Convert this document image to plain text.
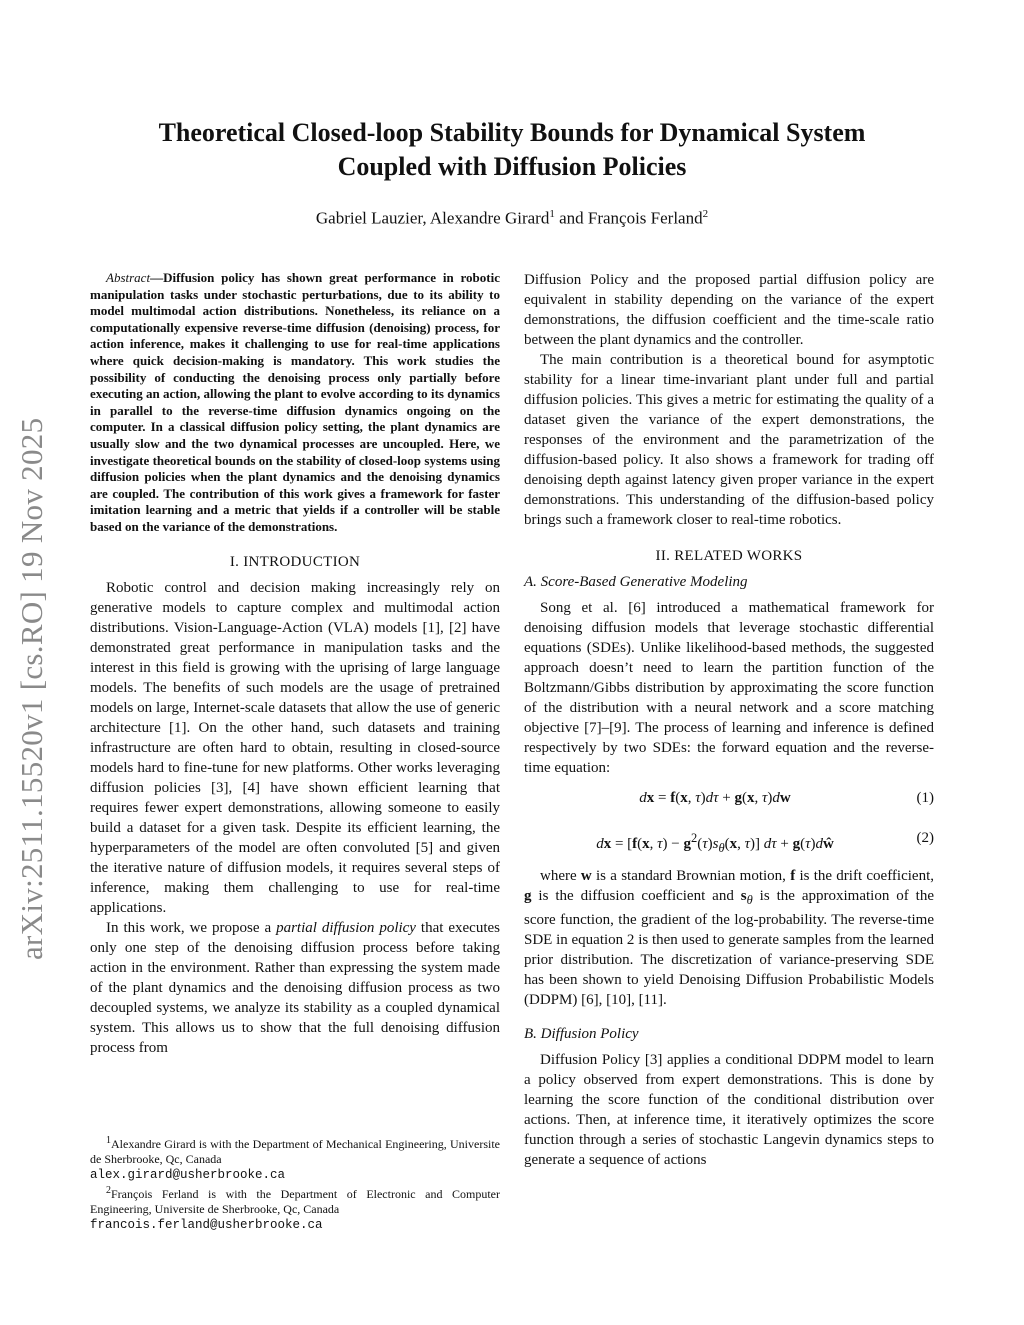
Theoretical Closed-loop Stability Bounds for Dynamical System
Coupled with Diffusion Policies
Gabriel Lauzier, Alexandre Girard$^1$ and François Ferland$^2$
arXiv:2511.15520v1 [cs.RO] 19 Nov 2025

Abstract—Diffusion policy has shown great performance in robotic manipulation tasks under stochastic perturbations, due to its ability to model multimodal action distributions. Nonetheless, its reliance on a computationally expensive reverse-time diffusion (denoising) process, for action inference, makes it challenging to use for real-time applications where quick decision-making is mandatory. This work studies the possibility of conducting the denoising process only partially before executing an action, allowing the plant to evolve according to its dynamics in parallel to the reverse-time diffusion dynamics ongoing on the computer. In a classical diffusion policy setting, the plant dynamics are usually slow and the two dynamical processes are uncoupled. Here, we investigate theoretical bounds on the stability of closed-loop systems using diffusion policies when the plant dynamics and the denoising dynamics are coupled. The contribution of this work gives a framework for faster imitation learning and a metric that yields if a controller will be stable based on the variance of the demonstrations.

I. INTRODUCTION

Robotic control and decision making increasingly rely on generative models to capture complex and multimodal action distributions. Vision-Language-Action (VLA) models [1], [2] have demonstrated great performance in manipulation tasks and the interest in this field is growing with the uprising of large language models. The benefits of such models are the usage of pretrained models on large, Internet-scale datasets that allow the use of generic architecture [1]. On the other hand, such datasets and training infrastructure are often hard to obtain, resulting in closed-source models hard to fine-tune for new platforms. Other works leveraging diffusion policies [3], [4] have shown efficient learning that requires fewer expert demonstrations, allowing someone to easily build a dataset for a given task. Despite its efficient learning, the hyperparameters of the model are often convoluted [5] and given the iterative nature of diffusion models, it requires several steps of inference, making them challenging to use for real-time applications.

In this work, we propose a partial diffusion policy that executes only one step of the denoising diffusion process before taking action in the environment. Rather than expressing the system made of the plant dynamics and the denoising diffusion process as two decoupled systems, we analyze its stability as a coupled dynamical system. This allows us to show that the full denoising diffusion process from

$^1$Alexandre Girard is with the Department of Mechanical Engineering, Universite de Sherbrooke, Qc, Canada
alex.girard@usherbrooke.ca

$^2$François Ferland is with the Department of Electronic and Computer Engineering, Universite de Sherbrooke, Qc, Canada
francois.ferland@usherbrooke.ca

Diffusion Policy and the proposed partial diffusion policy are equivalent in stability depending on the variance of the expert demonstrations, the diffusion coefficient and the time-scale ratio between the plant dynamics and the controller.

The main contribution is a theoretical bound for asymptotic stability for a linear time-invariant plant under full and partial diffusion policies. This gives a metric for estimating the quality of a dataset given the variance of the expert demonstrations, the responses of the environment and the parametrization of the diffusion-based policy. It also shows a framework for trading off denoising depth against latency given proper variance in the expert demonstrations. This understanding of the diffusion-based policy brings such a framework closer to real-time robotics.

II. RELATED WORKS
A. Score-Based Generative Modeling

Song et al. [6] introduced a mathematical framework for denoising diffusion models that leverage stochastic differential equations (SDEs). Unlike likelihood-based methods, the suggested approach doesn’t need to learn the partition function of the Boltzmann/Gibbs distribution by approximating the score function of the distribution with a neural network and a score matching objective [7]–[9]. The process of learning and inference is defined respectively by two SDEs: the forward equation and the reverse-time equation:

dx = f(x, τ)dτ + g(x, τ)dw	(1)
dx = [f(x, $\tau) - g^2(\tau)s_\theta(x$, τ)] dτ + g(τ)dŵ	(2)

where w is a standard Brownian motion, f is the drift coefficient, g is the diffusion coefficient and $s_\theta$ is the approximation of the score function, the gradient of the log-probability. The reverse-time SDE in equation 2 is then used to generate samples from the learned prior distribution. The discretization of variance-preserving SDE has been shown to yield Denoising Diffusion Probabilistic Models (DDPM) [6], [10], [11].

B. Diffusion Policy

Diffusion Policy [3] applies a conditional DDPM model to learn a policy observed from expert demonstrations. This is done by learning the score function of the conditional distribution over actions. Then, at inference time, it iteratively optimizes the score function through a series of stochastic Langevin dynamics steps to generate a sequence of actions
